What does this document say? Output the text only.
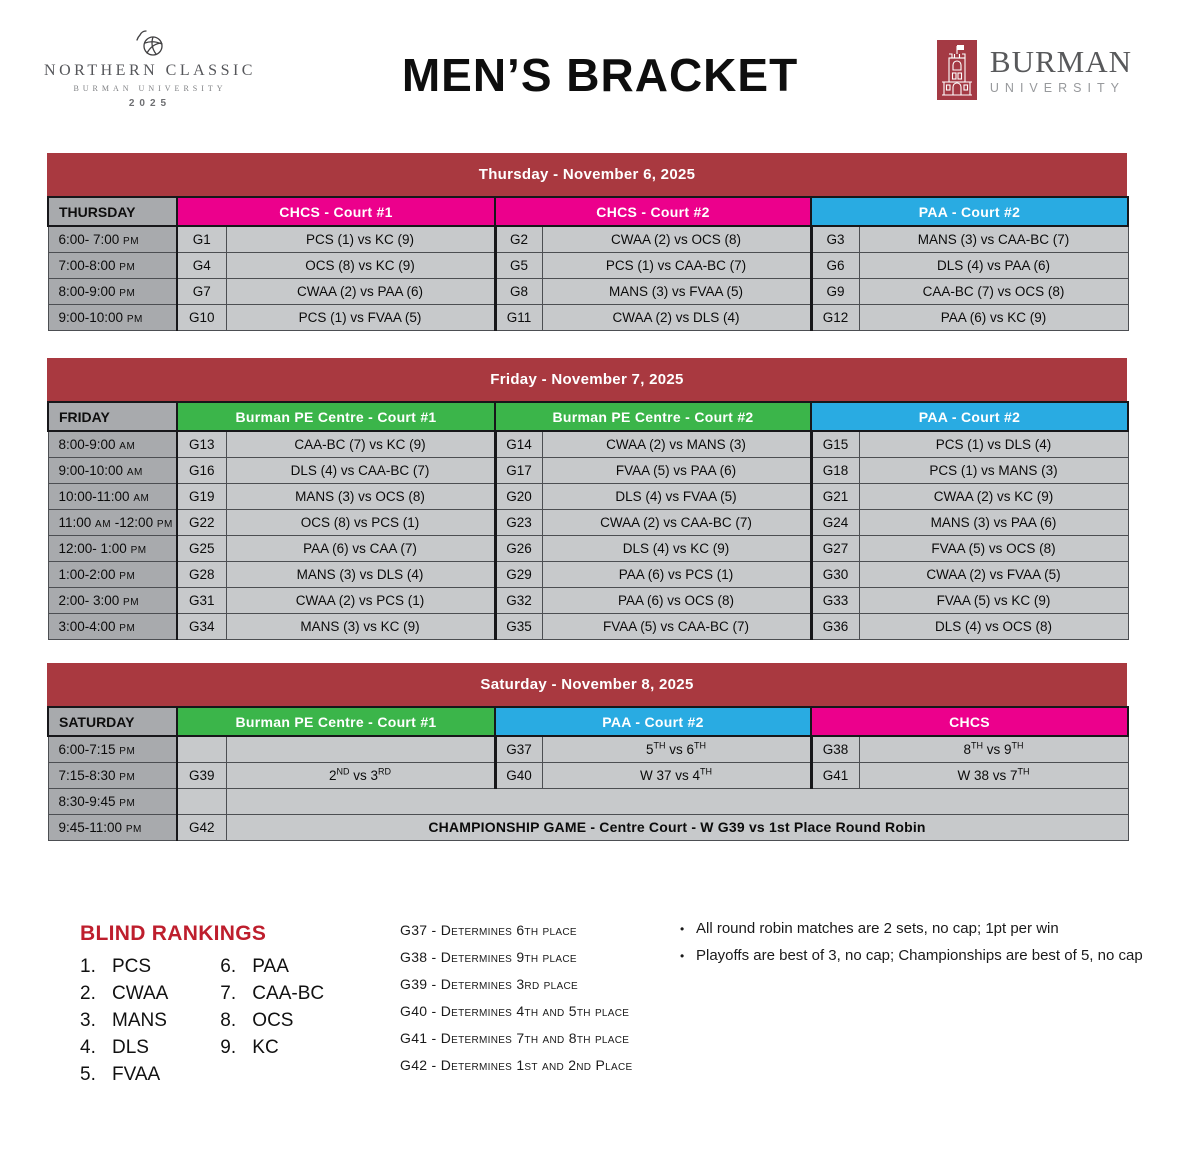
NORTHERN CLASSIC
BURMAN UNIVERSITY
2025
MEN’S BRACKET	BURMAN
UNIVERSITY
Thursday - November 6, 2025
THURSDAY	CHCS - Court #1		CHCS - Court #2		PAA - Court #2	
6:00- 7:00 PM	G1	PCS (1) vs KC (9)	G2	CWAA (2) vs OCS (8)	G3	MANS (3) vs CAA-BC (7)
7:00-8:00 PM	G4	OCS (8) vs KC (9)	G5	PCS (1) vs CAA-BC (7)	G6	DLS (4) vs PAA (6)
8:00-9:00 PM	G7	CWAA (2) vs PAA (6)	G8	MANS (3) vs FVAA (5)	G9	CAA-BC (7) vs OCS (8)
9:00-10:00 PM	G10	PCS (1) vs FVAA (5)	G11	CWAA (2) vs DLS (4)	G12	PAA (6) vs KC (9)
Friday - November 7, 2025
FRIDAY	Burman PE Centre - Court #1		Burman PE Centre - Court #2		PAA - Court #2	
8:00-9:00 AM	G13	CAA-BC (7) vs KC (9)	G14	CWAA (2) vs MANS (3)	G15	PCS (1) vs DLS (4)
9:00-10:00 AM	G16	DLS (4) vs CAA-BC (7)	G17	FVAA (5) vs PAA (6)	G18	PCS (1) vs MANS (3)
10:00-11:00 AM	G19	MANS (3) vs OCS (8)	G20	DLS (4) vs FVAA (5)	G21	CWAA (2) vs KC (9)
11:00 AM -12:00 PM	G22	OCS (8) vs PCS (1)	G23	CWAA (2) vs CAA-BC (7)	G24	MANS (3) vs PAA (6)
12:00- 1:00 PM	G25	PAA (6) vs CAA (7)	G26	DLS (4) vs KC (9)	G27	FVAA (5) vs OCS (8)
1:00-2:00 PM	G28	MANS (3) vs DLS (4)	G29	PAA (6) vs PCS (1)	G30	CWAA (2) vs FVAA (5)
2:00- 3:00 PM	G31	CWAA (2) vs PCS (1)	G32	PAA (6) vs OCS (8)	G33	FVAA (5) vs KC (9)
3:00-4:00 PM	G34	MANS (3) vs KC (9)	G35	FVAA (5) vs CAA-BC (7)	G36	DLS (4) vs OCS (8)
Saturday - November 8, 2025
SATURDAY	Burman PE Centre - Court #1		PAA - Court #2		CHCS	
6:00-7:15 PM			G37	5TH vs 6TH	G38	8TH vs 9TH
7:15-8:30 PM	G39	2ND vs 3RD	G40	W 37 vs 4TH	G41	W 38 vs 7TH
8:30-9:45 PM						
9:45-11:00 PM	G42	CHAMPIONSHIP GAME - Centre Court - W G39 vs 1st Place Round Robin				
BLIND RANKINGS
1. PCS
2. CWAA
3. MANS
4. DLS
5. FVAA
6. PAA
7. CAA-BC
8. OCS
9. KC
G37 - Determines 6th place
G38 - Determines 9th place
G39 - Determines 3rd place
G40 - Determines 4th and 5th place
G41 - Determines 7th and 8th place
G42 - Determines 1st and 2nd Place
• All round robin matches are 2 sets, no cap; 1pt per win
• Playoffs are best of 3, no cap; Championships are best of 5, no cap
